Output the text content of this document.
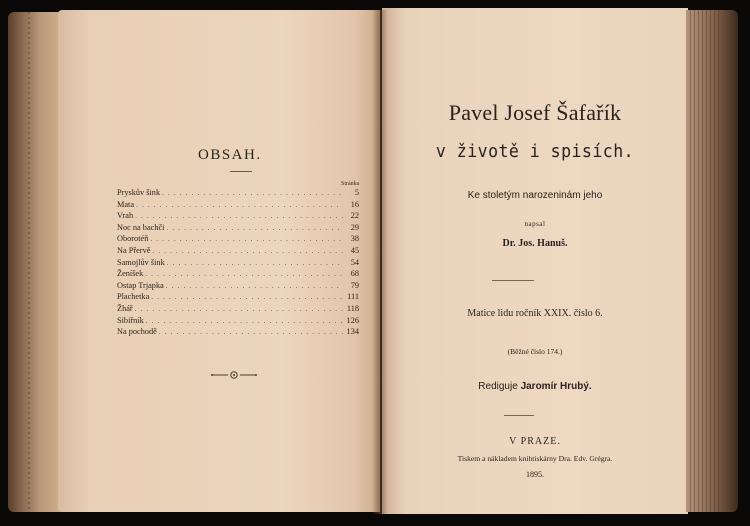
OBSAH.
Stránka
Pryskův šink . . .	5
Mata . . .	16
Vrah . . .	22
Noc na bachči . . .	29
Oborotéň . . .	38
Na Přervě . . .	45
Samojlův šink . . .	54
Ženíšek . . .	68
Ostap Trjapka . . .	79
Plachetka . . .	111
Žhář . . .	118
Sibiřník . . .	126
Na pochodě . . .	134
Pavel Josef Šafařík
v životě i spisích.
Ke stoletým narozeninám jeho
napsal
Dr. Jos. Hanuš.
Matice lidu ročník XXIX. číslo 6.
(Běžné číslo 174.)
Rediguje Jaromír Hrubý.
V PRAZE.
Tiskem a nákladem knihtiskárny Dra. Edv. Grégra.
1895.
